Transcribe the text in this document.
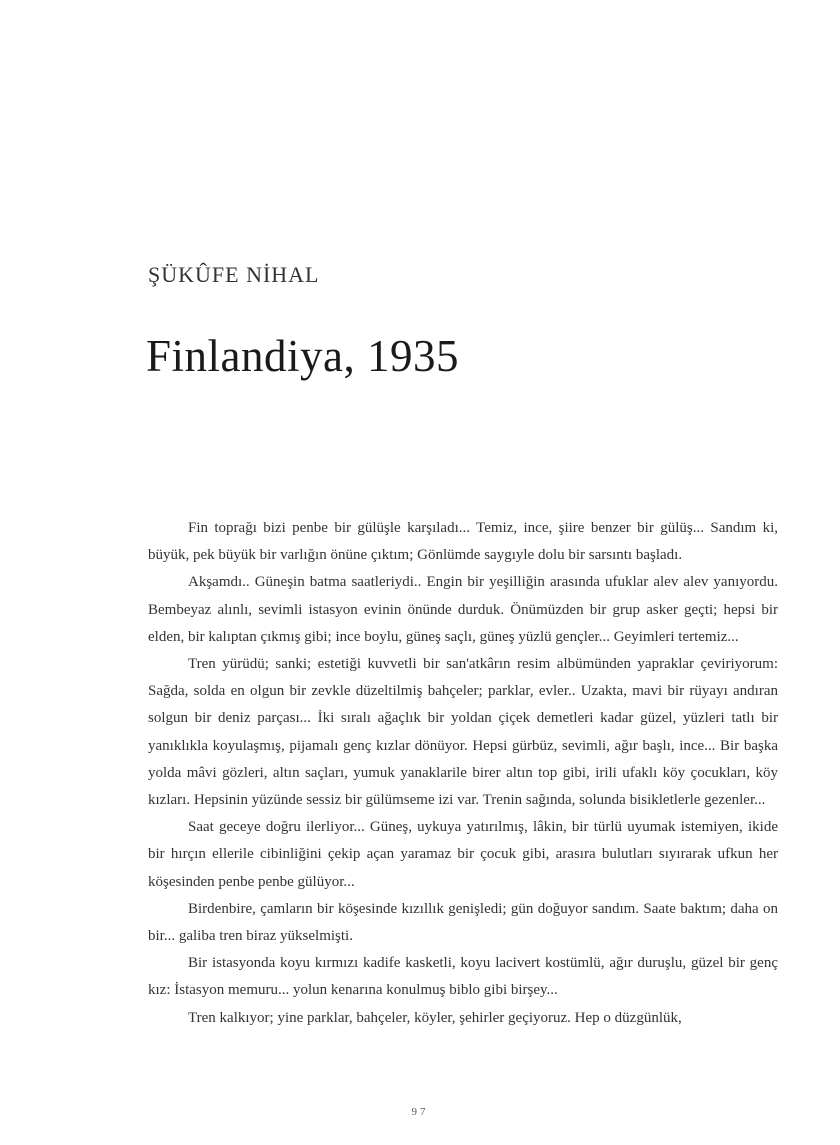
ŞÜKÛFE NİHAL
Finlandiya, 1935

Fin toprağı bizi penbe bir gülüşle karşıladı... Temiz, ince, şiire benzer bir gülüş... Sandım ki, büyük, pek büyük bir varlığın önüne çıktım; Gönlümde saygıyle dolu bir sarsıntı başladı.

Akşamdı.. Güneşin batma saatleriydi.. Engin bir yeşilliğin arasında ufuklar alev alev yanıyordu. Bembeyaz alınlı, sevimli istasyon evinin önünde durduk. Önümüzden bir grup asker geçti; hepsi bir elden, bir kalıptan çıkmış gibi; ince boylu, güneş saçlı, güneş yüzlü gençler... Geyimleri tertemiz...

Tren yürüdü; sanki; estetiği kuvvetli bir san'atkârın resim albümünden yapraklar çeviriyorum: Sağda, solda en olgun bir zevkle düzeltilmiş bahçeler; parklar, evler.. Uzakta, mavi bir rüyayı andıran solgun bir deniz parçası... İki sıralı ağaçlık bir yoldan çiçek demetleri kadar güzel, yüzleri tatlı bir yanıklıkla koyulaşmış, pijamalı genç kızlar dönüyor. Hepsi gürbüz, sevimli, ağır başlı, ince... Bir başka yolda mâvi gözleri, altın saçları, yumuk yanaklarile birer altın top gibi, irili ufaklı köy çocukları, köy kızları. Hepsinin yüzünde sessiz bir gülümseme izi var. Trenin sağında, solunda bisikletlerle gezenler...

Saat geceye doğru ilerliyor... Güneş, uykuya yatırılmış, lâkin, bir türlü uyumak istemiyen, ikide bir hırçın ellerile cibinliğini çekip açan yaramaz bir çocuk gibi, arasıra bulutları sıyırarak ufkun her köşesinden penbe penbe gülüyor...

Birdenbire, çamların bir köşesinde kızıllık genişledi; gün doğuyor sandım. Saate baktım; daha on bir... galiba tren biraz yükselmişti.

Bir istasyonda koyu kırmızı kadife kasketli, koyu lacivert kostümlü, ağır duruşlu, güzel bir genç kız: İstasyon memuru... yolun kenarına konulmuş biblo gibi birşey...

Tren kalkıyor; yine parklar, bahçeler, köyler, şehirler geçiyoruz. Hep o düzgünlük,

97
